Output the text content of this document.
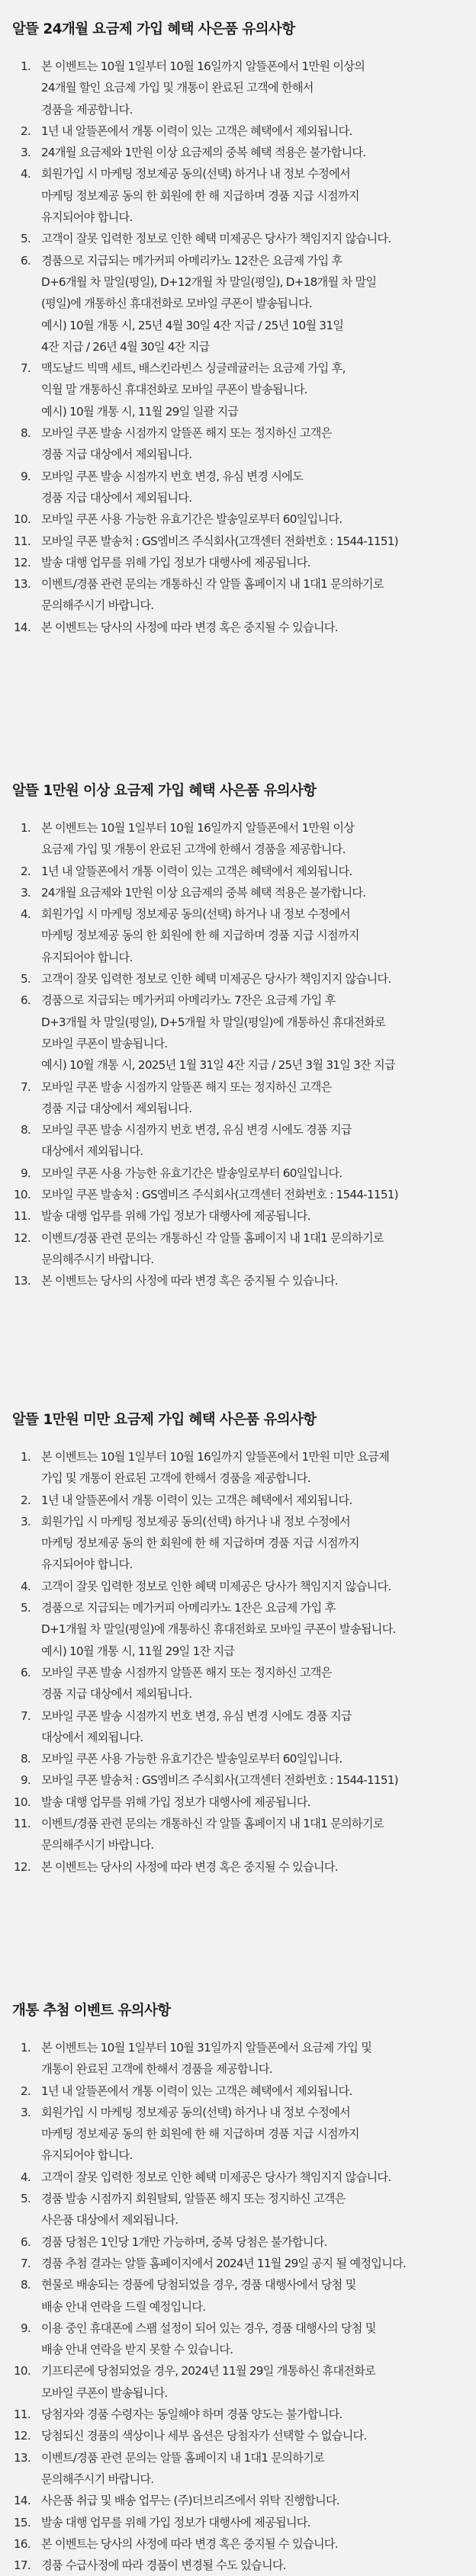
알뜰 24개월 요금제 가입 혜택 사은품 유의사항
1. 본 이벤트는 10월 1일부터 10월 16일까지 알뜰폰에서 1만원 이상의
24개월 할인 요금제 가입 및 개통이 완료된 고객에 한해서
경품을 제공합니다.
2. 1년 내 알뜰폰에서 개통 이력이 있는 고객은 혜택에서 제외됩니다.
3. 24개월 요금제와 1만원 이상 요금제의 중복 혜택 적용은 불가합니다.
4. 회원가입 시 마케팅 정보제공 동의(선택) 하거나 내 정보 수정에서
마케팅 정보제공 동의 한 회원에 한 해 지급하며 경품 지급 시점까지
유지되어야 합니다.
5. 고객이 잘못 입력한 정보로 인한 혜택 미제공은 당사가 책임지지 않습니다.
6. 경품으로 지급되는 메가커피 아메리카노 12잔은 요금제 가입 후
D+6개월 차 말일(평일), D+12개월 차 말일(평일), D+18개월 차 말일
(평일)에 개통하신 휴대전화로 모바일 쿠폰이 발송됩니다.
예시) 10월 개통 시, 25년 4월 30일 4잔 지급 / 25년 10월 31일
4잔 지급 / 26년 4월 30일 4잔 지급
7. 맥도날드 빅맥 세트, 배스킨라빈스 싱글레귤러는 요금제 가입 후,
익월 말 개통하신 휴대전화로 모바일 쿠폰이 발송됩니다.
예시) 10월 개통 시, 11월 29일 일괄 지급
8. 모바일 쿠폰 발송 시점까지 알뜰폰 해지 또는 정지하신 고객은
경품 지급 대상에서 제외됩니다.
9. 모바일 쿠폰 발송 시점까지 번호 변경, 유심 변경 시에도
경품 지급 대상에서 제외됩니다.
10. 모바일 쿠폰 사용 가능한 유효기간은 발송일로부터 60일입니다.
11. 모바일 쿠폰 발송처 : GS엠비즈 주식회사(고객센터 전화번호 : 1544-1151)
12. 발송 대행 업무를 위해 가입 정보가 대행사에 제공됩니다.
13. 이벤트/경품 관련 문의는 개통하신 각 알뜰 홈페이지 내 1대1 문의하기로
문의해주시기 바랍니다.
14. 본 이벤트는 당사의 사정에 따라 변경 혹은 중지될 수 있습니다.
알뜰 1만원 이상 요금제 가입 혜택 사은품 유의사항
1. 본 이벤트는 10월 1일부터 10월 16일까지 알뜰폰에서 1만원 이상
요금제 가입 및 개통이 완료된 고객에 한해서 경품을 제공합니다.
2. 1년 내 알뜰폰에서 개통 이력이 있는 고객은 혜택에서 제외됩니다.
3. 24개월 요금제와 1만원 이상 요금제의 중복 혜택 적용은 불가합니다.
4. 회원가입 시 마케팅 정보제공 동의(선택) 하거나 내 정보 수정에서
마케팅 정보제공 동의 한 회원에 한 해 지급하며 경품 지급 시점까지
유지되어야 합니다.
5. 고객이 잘못 입력한 정보로 인한 혜택 미제공은 당사가 책임지지 않습니다.
6. 경품으로 지급되는 메가커피 아메리카노 7잔은 요금제 가입 후
D+3개월 차 말일(평일), D+5개월 차 말일(평일)에 개통하신 휴대전화로
모바일 쿠폰이 발송됩니다.
예시) 10월 개통 시, 2025년 1월 31일 4잔 지급 / 25년 3월 31일 3잔 지급
7. 모바일 쿠폰 발송 시점까지 알뜰폰 해지 또는 정지하신 고객은
경품 지급 대상에서 제외됩니다.
8. 모바일 쿠폰 발송 시점까지 번호 변경, 유심 변경 시에도 경품 지급
대상에서 제외됩니다.
9. 모바일 쿠폰 사용 가능한 유효기간은 발송일로부터 60일입니다.
10. 모바일 쿠폰 발송처 : GS엠비즈 주식회사(고객센터 전화번호 : 1544-1151)
11. 발송 대행 업무를 위해 가입 정보가 대행사에 제공됩니다.
12. 이벤트/경품 관련 문의는 개통하신 각 알뜰 홈페이지 내 1대1 문의하기로
문의해주시기 바랍니다.
13. 본 이벤트는 당사의 사정에 따라 변경 혹은 중지될 수 있습니다.
알뜰 1만원 미만 요금제 가입 혜택 사은품 유의사항
1. 본 이벤트는 10월 1일부터 10월 16일까지 알뜰폰에서 1만원 미만 요금제
가입 및 개통이 완료된 고객에 한해서 경품을 제공합니다.
2. 1년 내 알뜰폰에서 개통 이력이 있는 고객은 혜택에서 제외됩니다.
3. 회원가입 시 마케팅 정보제공 동의(선택) 하거나 내 정보 수정에서
마케팅 정보제공 동의 한 회원에 한 해 지급하며 경품 지급 시점까지
유지되어야 합니다.
4. 고객이 잘못 입력한 정보로 인한 혜택 미제공은 당사가 책임지지 않습니다.
5. 경품으로 지급되는 메가커피 아메리카노 1잔은 요금제 가입 후
D+1개월 차 말일(평일)에 개통하신 휴대전화로 모바일 쿠폰이 발송됩니다.
예시) 10월 개통 시, 11월 29일 1잔 지급
6. 모바일 쿠폰 발송 시점까지 알뜰폰 해지 또는 정지하신 고객은
경품 지급 대상에서 제외됩니다.
7. 모바일 쿠폰 발송 시점까지 번호 변경, 유심 변경 시에도 경품 지급
대상에서 제외됩니다.
8. 모바일 쿠폰 사용 가능한 유효기간은 발송일로부터 60일입니다.
9. 모바일 쿠폰 발송처 : GS엠비즈 주식회사(고객센터 전화번호 : 1544-1151)
10. 발송 대행 업무를 위해 가입 정보가 대행사에 제공됩니다.
11. 이벤트/경품 관련 문의는 개통하신 각 알뜰 홈페이지 내 1대1 문의하기로
문의해주시기 바랍니다.
12. 본 이벤트는 당사의 사정에 따라 변경 혹은 중지될 수 있습니다.
개통 추첨 이벤트 유의사항
1. 본 이벤트는 10월 1일부터 10월 31일까지 알뜰폰에서 요금제 가입 및
개통이 완료된 고객에 한해서 경품을 제공합니다.
2. 1년 내 알뜰폰에서 개통 이력이 있는 고객은 혜택에서 제외됩니다.
3. 회원가입 시 마케팅 정보제공 동의(선택) 하거나 내 정보 수정에서
마케팅 정보제공 동의 한 회원에 한 해 지급하며 경품 지급 시점까지
유지되어야 합니다.
4. 고객이 잘못 입력한 정보로 인한 혜택 미제공은 당사가 책임지지 않습니다.
5. 경품 발송 시점까지 회원탈퇴, 알뜰폰 해지 또는 정지하신 고객은
사은품 대상에서 제외됩니다.
6. 경품 당첨은 1인당 1개만 가능하며, 중복 당첨은 불가합니다.
7. 경품 추첨 결과는 알뜰 홈페이지에서 2024년 11월 29일 공지 될 예정입니다.
8. 현물로 배송되는 경품에 당첨되었을 경우, 경품 대행사에서 당첨 및
배송 안내 연락을 드릴 예정입니다.
9. 이용 중인 휴대폰에 스팸 설정이 되어 있는 경우, 경품 대행사의 당첨 및
배송 안내 연락을 받지 못할 수 있습니다.
10. 기프티콘에 당첨되었을 경우, 2024년 11월 29일 개통하신 휴대전화로
모바일 쿠폰이 발송됩니다.
11. 당첨자와 경품 수령자는 동일해야 하며 경품 양도는 불가합니다.
12. 당첨되신 경품의 색상이나 세부 옵션은 당첨자가 선택할 수 없습니다.
13. 이벤트/경품 관련 문의는 알뜰 홈페이지 내 1대1 문의하기로
문의해주시기 바랍니다.
14. 사은품 취급 및 배송 업무는 (주)더브리즈에서 위탁 진행합니다.
15. 발송 대행 업무를 위해 가입 정보가 대행사에 제공됩니다.
16. 본 이벤트는 당사의 사정에 따라 변경 혹은 중지될 수 있습니다.
17. 경품 수급사정에 따라 경품이 변경될 수도 있습니다.
